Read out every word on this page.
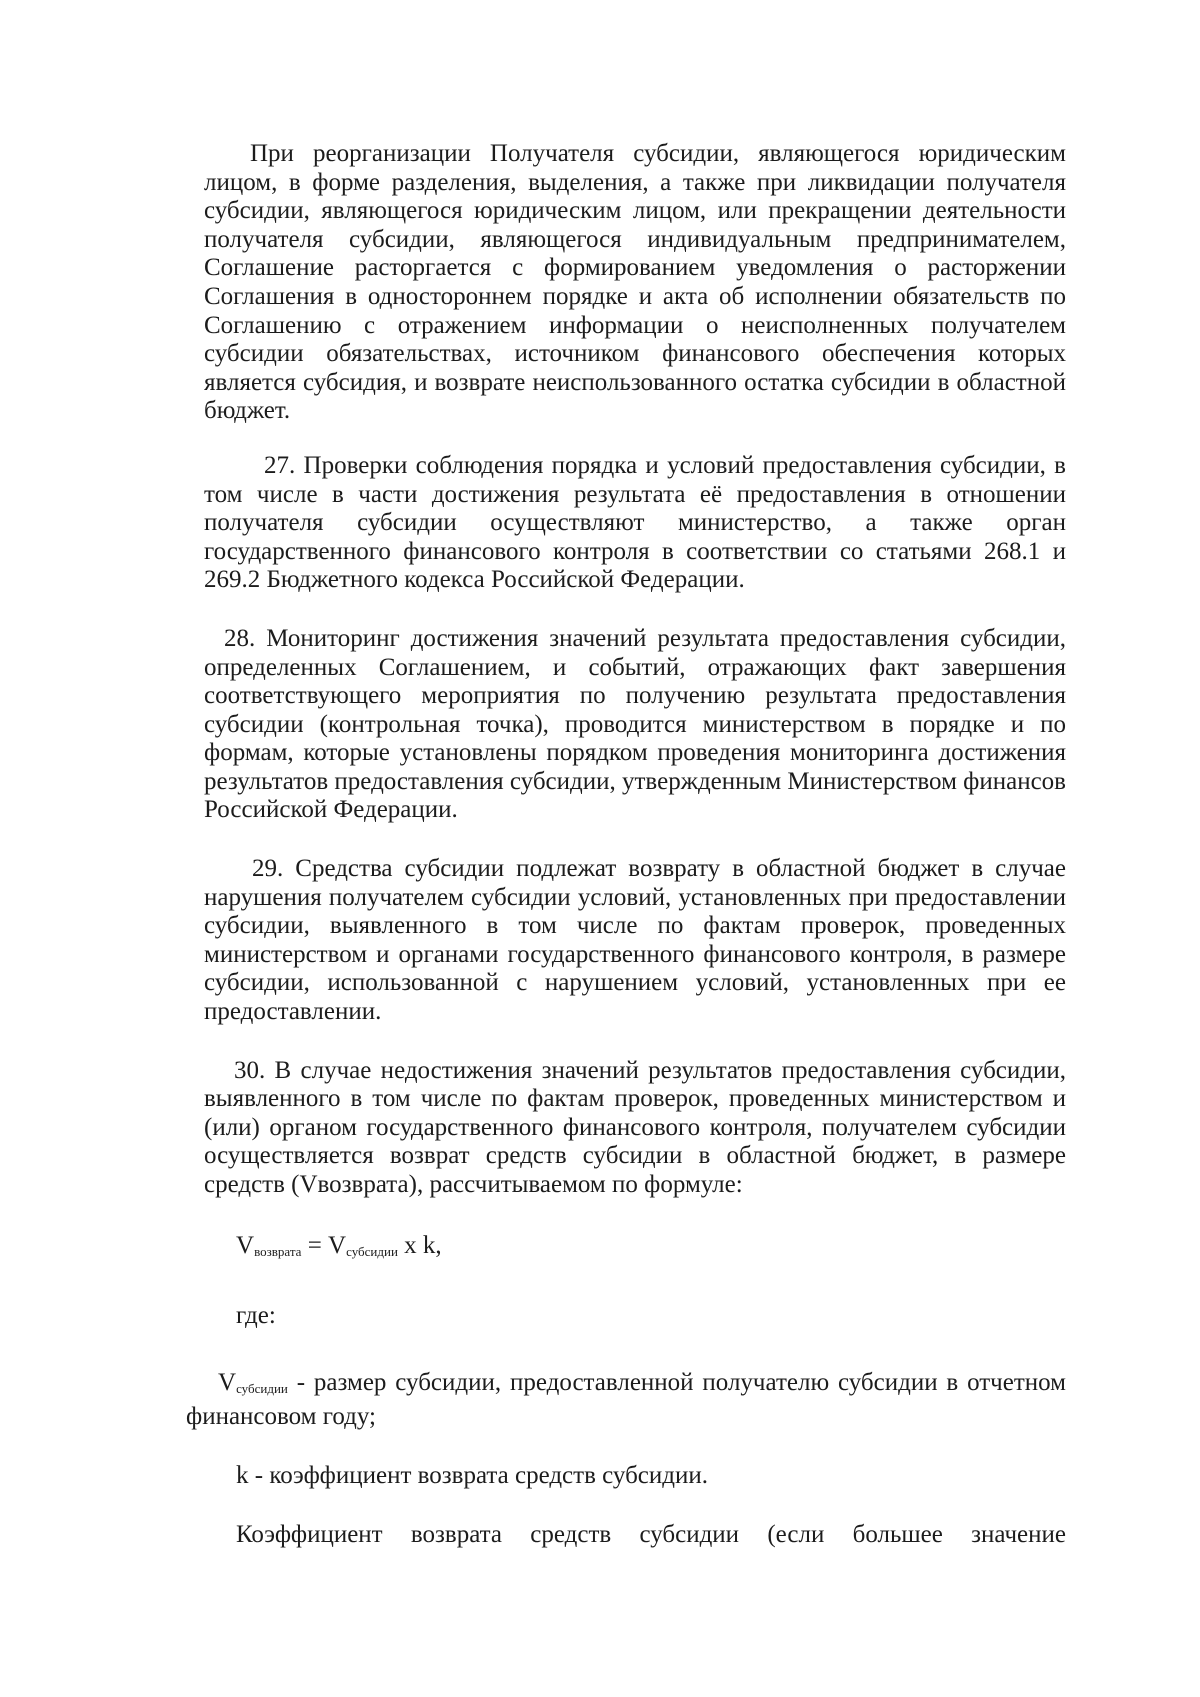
При реорганизации Получателя субсидии, являющегося юридическим лицом, в форме разделения, выделения, а также при ликвидации получателя субсидии, являющегося юридическим лицом, или прекращении деятельности получателя субсидии, являющегося индивидуальным предпринимателем, Соглашение расторгается с формированием уведомления о расторжении Соглашения в одностороннем порядке и акта об исполнении обязательств по Соглашению с отражением информации о неисполненных получателем субсидии обязательствах, источником финансового обеспечения которых является субсидия, и возврате неиспользованного остатка субсидии в областной бюджет.

27. Проверки соблюдения порядка и условий предоставления субсидии, в том числе в части достижения результата её предоставления в отношении получателя субсидии осуществляют министерство, а также орган государственного финансового контроля в соответствии со статьями 268.1 и 269.2 Бюджетного кодекса Российской Федерации.

28. Мониторинг достижения значений результата предоставления субсидии, определенных Соглашением, и событий, отражающих факт завершения соответствующего мероприятия по получению результата предоставления субсидии (контрольная точка), проводится министерством в порядке и по формам, которые установлены порядком проведения мониторинга достижения результатов предоставления субсидии, утвержденным Министерством финансов Российской Федерации.

29. Средства субсидии подлежат возврату в областной бюджет в случае нарушения получателем субсидии условий, установленных при предоставлении субсидии, выявленного в том числе по фактам проверок, проведенных министерством и органами государственного финансового контроля, в размере субсидии, использованной с нарушением условий, установленных при ее предоставлении.

30. В случае недостижения значений результатов предоставления субсидии, выявленного в том числе по фактам проверок, проведенных министерством и (или) органом государственного финансового контроля, получателем субсидии осуществляется возврат средств субсидии в областной бюджет, в размере средств (Vвозврата), рассчитываемом по формуле:

$V_{возврата} = V_{субсидии}$ x k,

где:

$V_{субсидии}$ - размер субсидии, предоставленной получателю субсидии в отчетном финансовом году;

k - коэффициент возврата средств субсидии.

Коэффициент возврата средств субсидии (если большее значение
